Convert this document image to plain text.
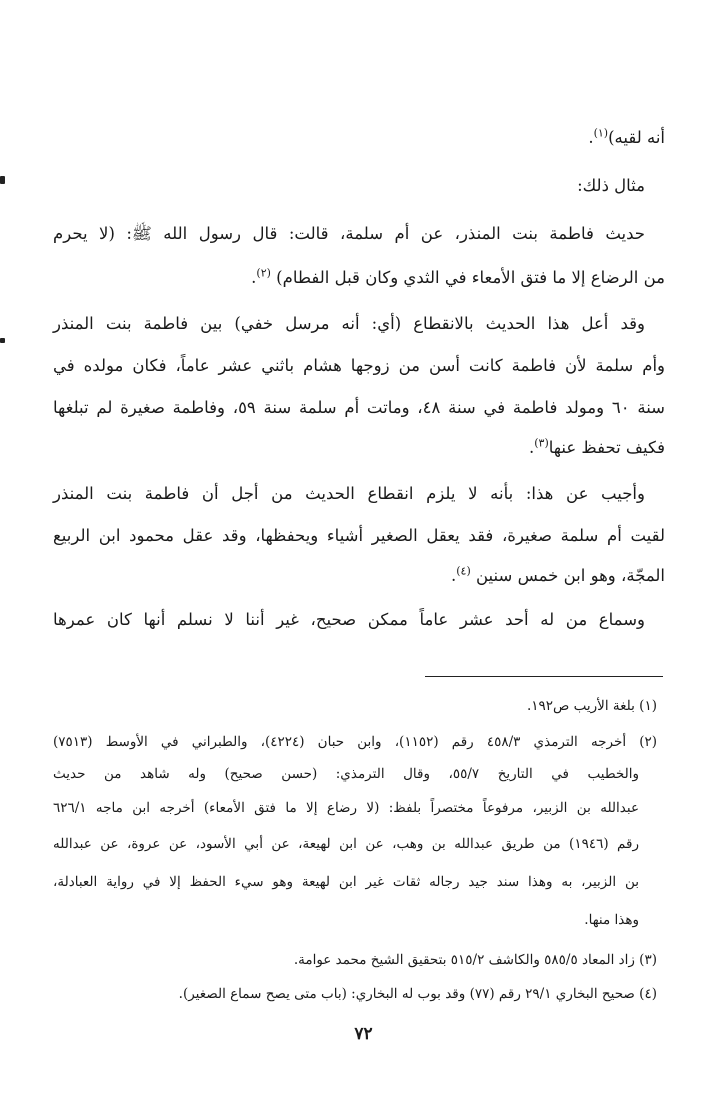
أنه لقيه)$^{(١)}$.
مثال ذلك:
حديث فاطمة بنت المنذر، عن أم سلمة، قالت: قال رسول الله ﷺ: (لا يحرم
من الرضاع إلا ما فتق الأمعاء في الثدي وكان قبل الفطام) $^{(٢)}$.
وقد أعل هذا الحديث بالانقطاع (أي: أنه مرسل خفي) بين فاطمة بنت المنذر
وأم سلمة لأن فاطمة كانت أسن من زوجها هشام باثني عشر عاماً، فكان مولده في
سنة ٦٠ ومولد فاطمة في سنة ٤٨، وماتت أم سلمة سنة ٥٩، وفاطمة صغيرة لم تبلغها
فكيف تحفظ عنها$^{(٣)}$.
وأجيب عن هذا: بأنه لا يلزم انقطاع الحديث من أجل أن فاطمة بنت المنذر
لقيت أم سلمة صغيرة، فقد يعقل الصغير أشياء ويحفظها، وقد عقل محمود ابن الربيع
المجّة، وهو ابن خمس سنين $^{(٤)}$.
وسماع من له أحد عشر عاماً ممكن صحيح، غير أننا لا نسلم أنها كان عمرها
(١) بلغة الأريب ص١٩٢.
(٢) أخرجه الترمذي ٤٥٨/٣ رقم (١١٥٢)، وابن حبان (٤٢٢٤)، والطبراني في الأوسط (٧٥١٣)
والخطيب في التاريخ ٥٥/٧، وقال الترمذي: (حسن صحيح) وله شاهد من حديث
عبدالله بن الزبير، مرفوعاً مختصراً بلفظ: (لا رضاع إلا ما فتق الأمعاء) أخرجه ابن ماجه ٦٢٦/١
رقم (١٩٤٦) من طريق عبدالله بن وهب، عن ابن لهيعة، عن أبي الأسود، عن عروة، عن عبدالله
بن الزبير، به وهذا سند جيد رجاله ثقات غير ابن لهيعة وهو سيء الحفظ إلا في رواية العبادلة،
وهذا منها.
(٣) زاد المعاد ٥٨٥/٥ والكاشف ٥١٥/٢ بتحقيق الشيخ محمد عوامة.
(٤) صحيح البخاري ٢٩/١ رقم (٧٧) وقد بوب له البخاري: (باب متى يصح سماع الصغير).
٧٢
